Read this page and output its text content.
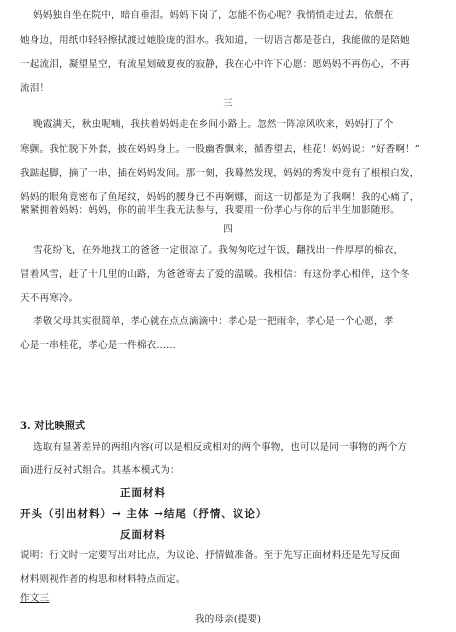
妈妈独自坐在院中，暗自垂泪。妈妈下岗了，怎能不伤心呢？我悄悄走过去，依偎在
她身边，用纸巾轻轻擦拭渡过她脸庞的泪水。我知道，一切语言都是苍白，我能做的是陪她
一起流泪，凝望星空，有流星划破夏夜的寂静，我在心中许下心愿：愿妈妈不再伤心，不再
流泪！
三
晚霞满天，秋虫呢喃，我扶着妈妈走在乡间小路上。忽然一阵凉风吹来，妈妈打了个
寒颤。我忙脱下外套，披在妈妈身上。一股幽香飘来，循香望去，桂花！妈妈说：“好香啊！”
我踮起脚，摘了一串，插在妈妈发间。那一刻，我蓦然发现，妈妈的秀发中竟有了根根白发，
妈妈的眼角竟密布了鱼尾纹，妈妈的腰身已不再婀娜，而这一切都是为了我啊！我的心痛了，
紧紧拥着妈妈：妈妈，你的前半生我无法参与，我要用一份孝心与你的后半生加影随形。
四
雪花纷飞，在外地找工的爸爸一定很凉了。我匆匆吃过午饭，翻找出一件厚厚的棉衣，
冒着风雪，赶了十几里的山路，为爸爸寄去了爱的温暖。我相信：有这份孝心相伴，这个冬
天不再寒冷。
孝敬父母其实很简单，孝心就在点点滴滴中：孝心是一把雨伞，孝心是一个心愿，孝
心是一串桂花，孝心是一件棉衣……
3. 对比映照式
选取有显著差异的两组内容(可以是相反或相对的两个事物，也可以是同一事物的两个方
面)进行反衬式组合。其基本模式为：
正面材料
开头（引出材料）→ 主体 →结尾（抒情、议论）
反面材料
说明：行文时一定要写出对比点，为议论、抒情做准备。至于先写正面材料还是先写反面
材料则视作者的构思和材料特点而定。
作文三
我的母亲(提要)
